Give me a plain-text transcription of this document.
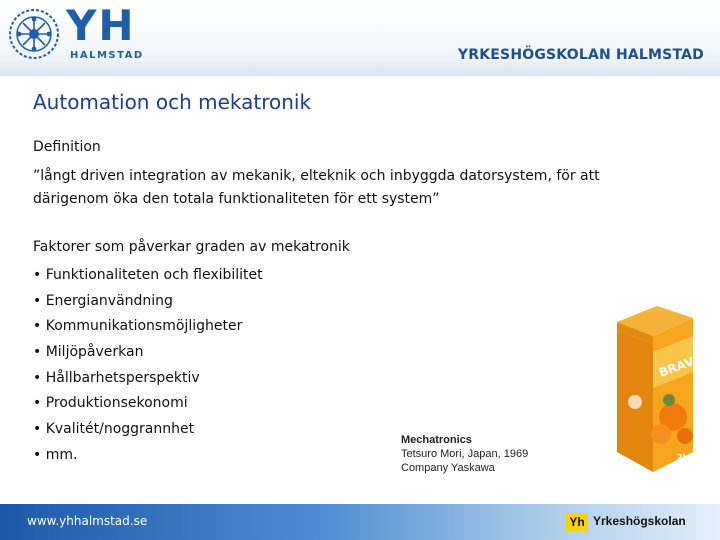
YH
HALMSTAD	YRKESHÖGSKOLAN HALMSTAD
Automation och mekatronik
Definition
”långt driven integration av mekanik, elteknik och inbyggda datorsystem, för att därigenom öka den totala funktionaliteten för ett system”
Faktorer som påverkar graden av mekatronik
• Funktionaliteten och flexibilitet
• Energianvändning
• Kommunikationsmöjligheter
• Miljöpåverkan
• Hållbarhetsperspektiv
• Produktionsekonomi
• Kvalitét/noggrannhet
• mm.
BRAVO
2L
Mechatronics
Tetsuro Mori, Japan, 1969
Company Yaskawa
www.yhhalmstad.se	Yh Yrkeshögskolan
